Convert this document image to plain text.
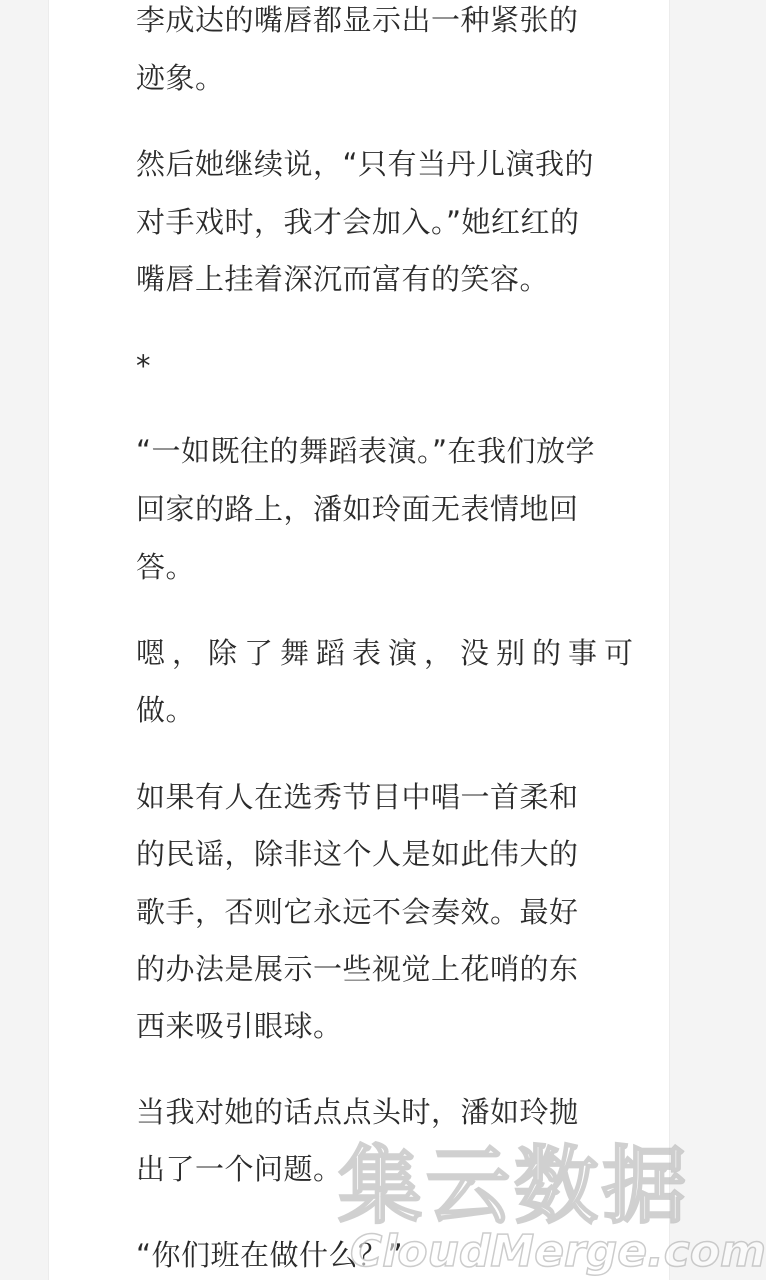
李成达的嘴唇都显示出一种紧张的
迹象。
然后她继续说，“只有当丹儿演我的
对手戏时，我才会加入。”她红红的
嘴唇上挂着深沉而富有的笑容。
*
“一如既往的舞蹈表演。”在我们放学
回家的路上，潘如玲面无表情地回
答。
嗯，除了舞蹈表演，没别的事可
做。
如果有人在选秀节目中唱一首柔和
的民谣，除非这个人是如此伟大的
歌手，否则它永远不会奏效。最好
的办法是展示一些视觉上花哨的东
西来吸引眼球。
当我对她的话点点头时，潘如玲抛
出了一个问题。
“你们班在做什么？”
集云数据
CloudMerge.com
